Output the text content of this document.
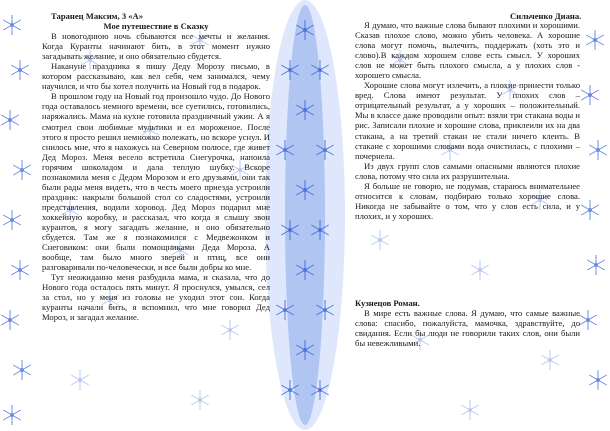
Таранец Максим, 3 «А»

Мое путешествие в Сказку

В новогоднюю ночь сбываются все мечты и желания. Когда Куранты начинают бить, в этот момент нужно загадывать желание, и оно обязательно сбудется.

Накануне праздника я пишу Деду Морозу письмо, в котором рассказываю, как вел себя, чем занимался, чему научился, и что бы хотел получить на Новый год в подарок.

В прошлом году на Новый год произошло чудо. До Нового года оставалось немного времени, все суетились, готовились, наряжались. Мама на кухне готовила праздничный ужин. А я смотрел свои любимые мультики и ел мороженое. После этого я просто решил немножко полежать, но вскоре уснул. И снилось мне, что я нахожусь на Северном полюсе, где живет Дед Мороз. Меня весело встретила Снегурочка, напоила горячим шоколадом и дала теплую шубку. Вскоре познакомила меня с Дедом Морозом и его друзьями, они так были рады меня видеть, что в честь моего приезда устроили праздник: накрыли большой стол со сладостями, устроили представления, водили хоровод. Дед Мороз подарил мне хоккейную коробку, и рассказал, что когда я слышу звон курантов, я могу загадать желание, и оно обязательно сбудется. Там же я познакомился с Медвежонком и Снеговиком: они были помощниками Деда Мороза. А вообще, там было много зверей и птиц, все они разговаривали по-человечески, и все были добры ко мне.

Тут неожиданно меня разбудила мама, и сказала, что до Нового года осталось пять минут. Я проснулся, умылся, сел за стол, но у меня из головы не уходил этот сон. Когда куранты начали бить, я вспомнил, что мне говорил Дед Мороз, и загадал желание.

Сильченко Диана.

Я думаю, что важные слова бывают плохими и хорошими. Сказав плохое слово, можно убить человека. А хорошие слова могут помочь, вылечить, поддержать (хоть это и слово).В каждом хорошем слове есть смысл. У хороших слов не может быть плохого смысла, а у плохих слов - хорошего смысла.

Хорошие слова могут излечить, а плохие принести только вред. Слова имеют результат. У плохих слов – отрицательный результат, а у хороших – положительный. Мы в классе даже проводили опыт: взяли три стакана воды и рис. Записали плохие и хорошие слова, приклеили их на два стакана, а на третий стакан не стали ничего клеить. В стакане с хорошими словами вода очистилась, с плохими – почернела.

Из двух групп слов самыми опасными являются плохие слова, потому что сила их разрушительна.

Я больше не говорю, не подумав, стараюсь внимательнее относится к словам, подбираю только хорошие слова. Никогда не забывайте о том, что у слов есть сила, и у плохих, и у хороших.

Кузнецов Роман.

В мире есть важные слова. Я думаю, что самые важные слова: спасибо, пожалуйста, мамочка, здравствуйте, до свидания. Если бы люди не говорили таких слов, они были бы невежливыми.
